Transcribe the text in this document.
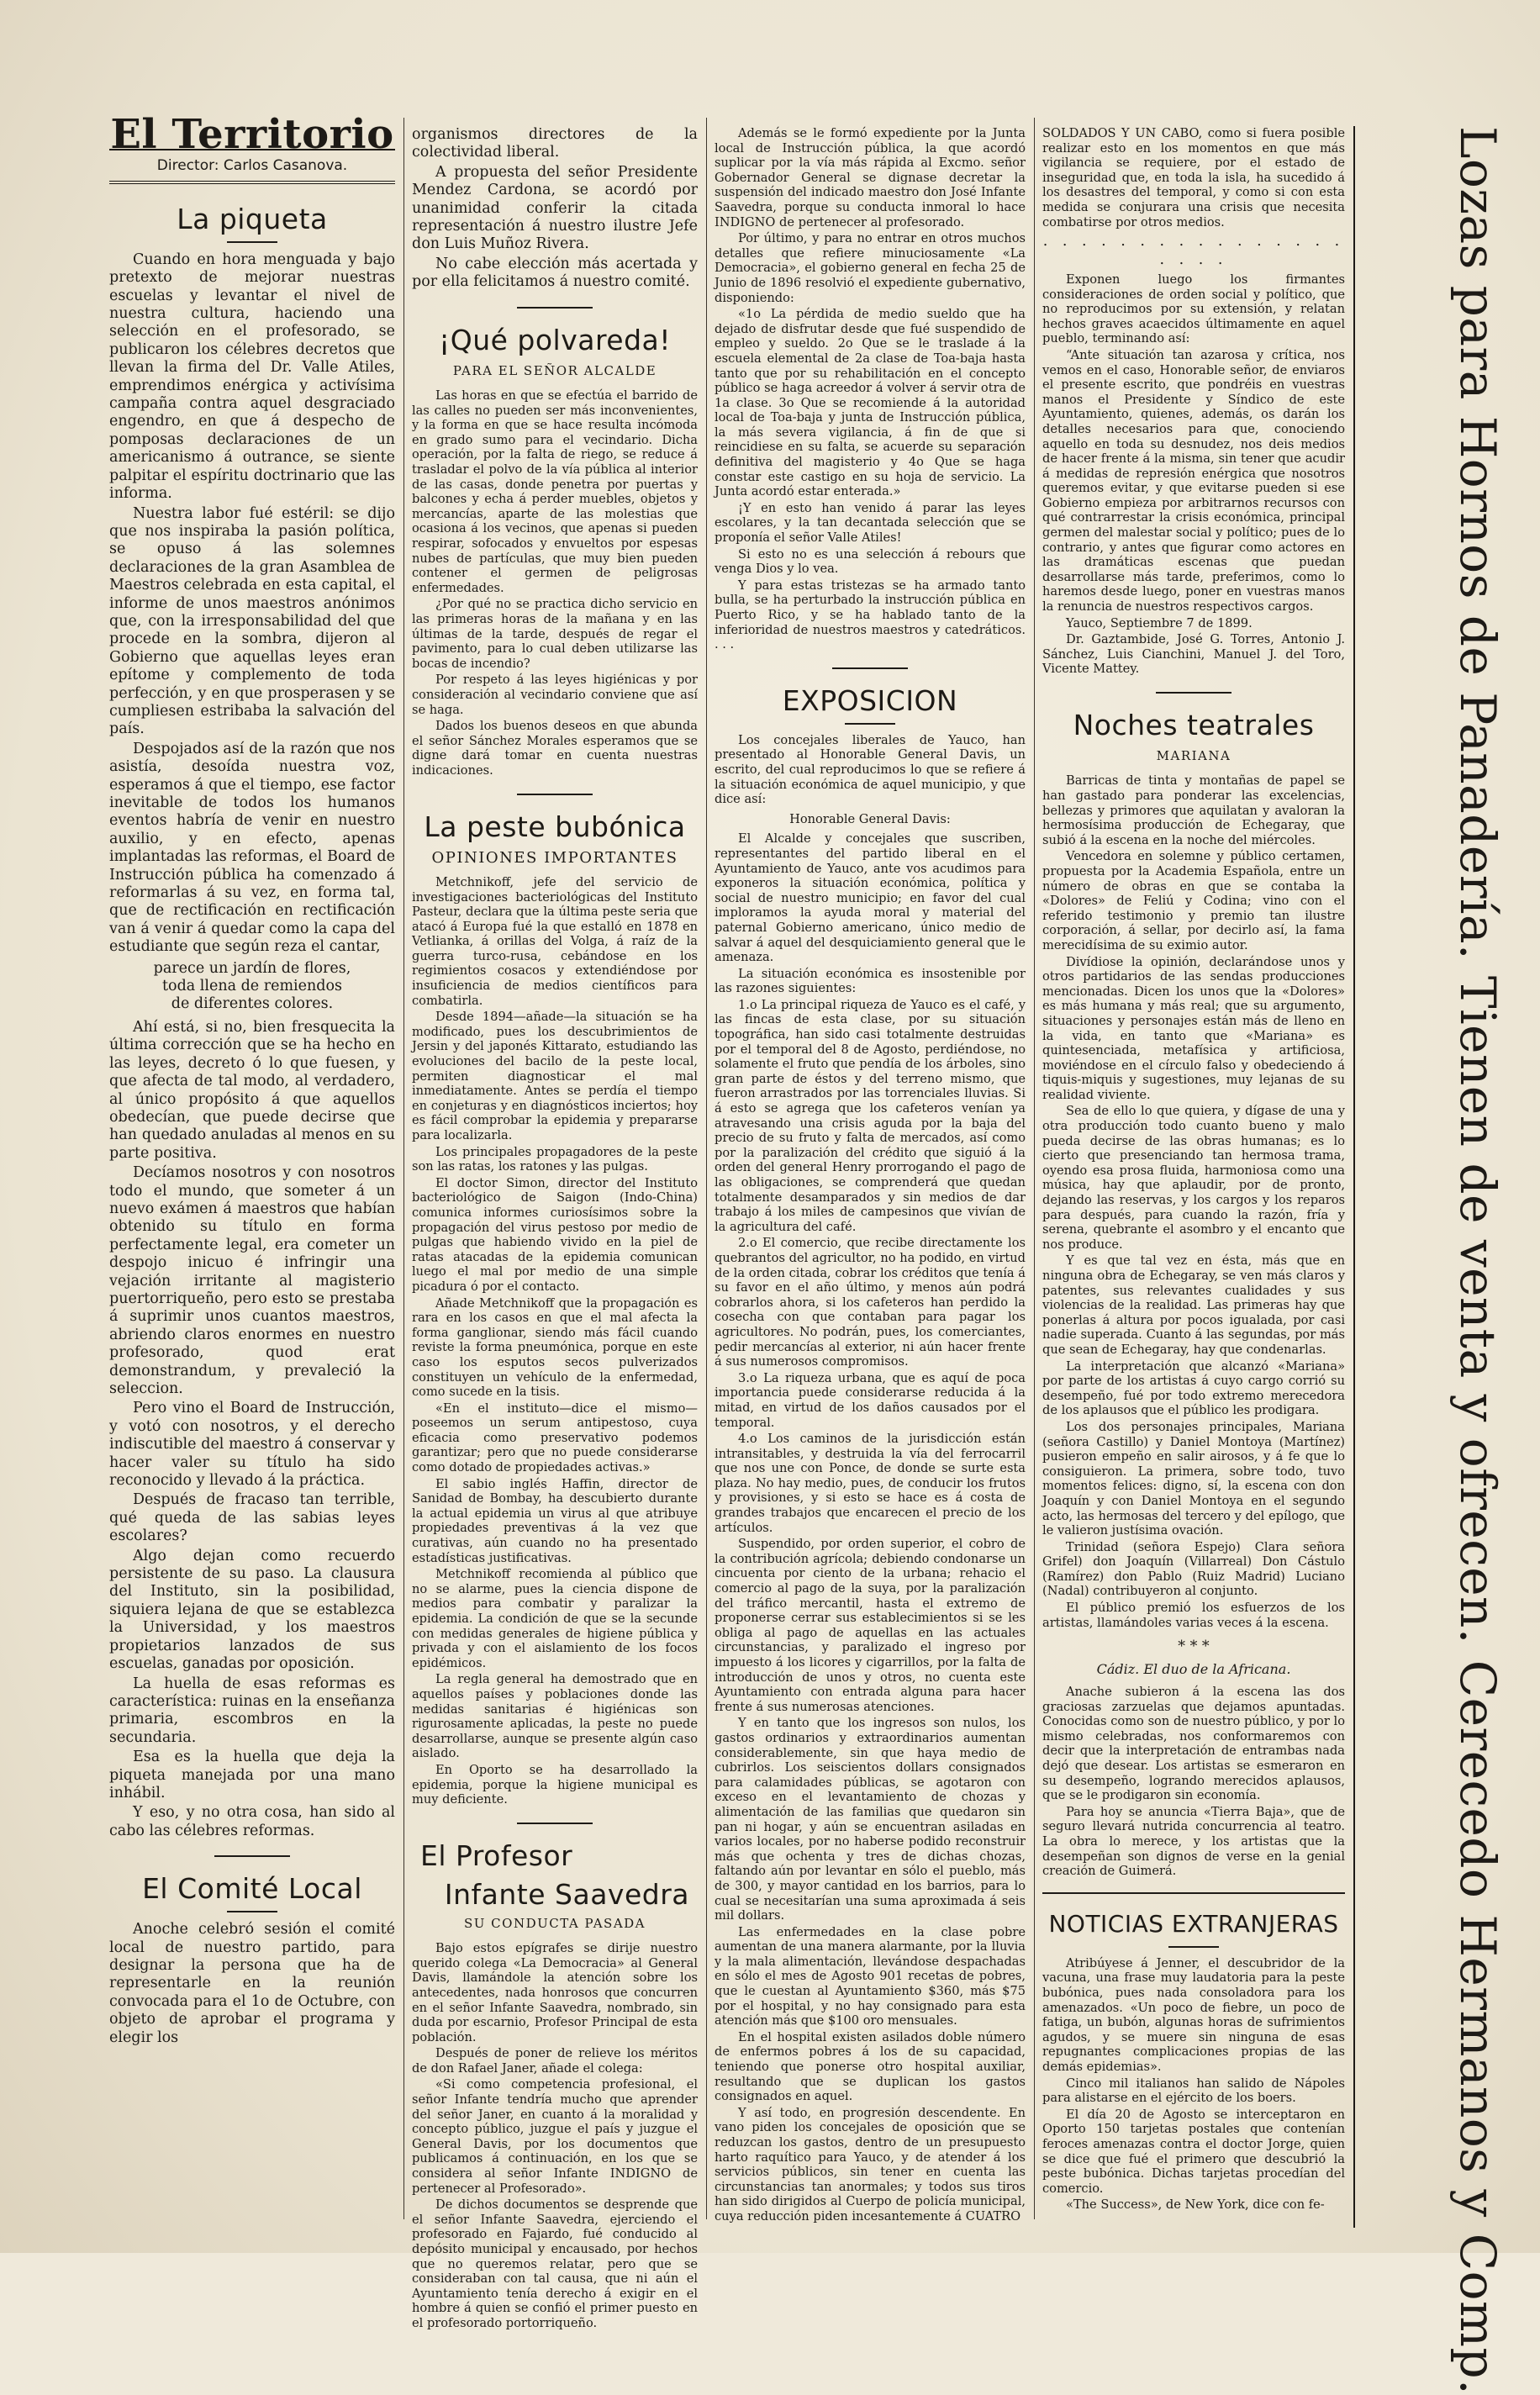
El Territorio
Director: Carlos Casanova.
La piqueta

Cuando en hora menguada y bajo pretexto de mejorar nuestras escuelas y levantar el nivel de nuestra cultura, haciendo una selección en el profesorado, se publicaron los célebres decretos que llevan la firma del Dr. Valle Atiles, emprendimos enérgica y activísima campaña contra aquel desgraciado engendro, en que á despecho de pomposas declaraciones de un americanismo á outrance, se siente palpitar el espíritu doctrinario que las informa.

Nuestra labor fué estéril: se dijo que nos inspiraba la pasión política, se opuso á las solemnes declaraciones de la gran Asamblea de Maestros celebrada en esta capital, el informe de unos maestros anónimos que, con la irresponsabilidad del que procede en la sombra, dijeron al Gobierno que aquellas leyes eran epítome y complemento de toda perfección, y en que prosperasen y se cumpliesen estribaba la salvación del país.

Despojados así de la razón que nos asistía, desoída nuestra voz, esperamos á que el tiempo, ese factor inevitable de todos los humanos eventos habría de venir en nuestro auxilio, y en efecto, apenas implantadas las reformas, el Board de Instrucción pública ha comenzado á reformarlas á su vez, en forma tal, que de rectificación en rectificación van á venir á quedar como la capa del estudiante que según reza el cantar,

parece un jardín de flores,
toda llena de remiendos
de diferentes colores.

Ahí está, si no, bien fresquecita la última corrección que se ha hecho en las leyes, decreto ó lo que fuesen, y que afecta de tal modo, al verdadero, al único propósito á que aquellos obedecían, que puede decirse que han quedado anuladas al menos en su parte positiva.

Decíamos nosotros y con nosotros todo el mundo, que someter á un nuevo exámen á maestros que habían obtenido su título en forma perfectamente legal, era cometer un despojo inicuo é infringir una vejación irritante al magisterio puertorriqueño, pero esto se prestaba á suprimir unos cuantos maestros, abriendo claros enormes en nuestro profesorado, quod erat demonstrandum, y prevaleció la seleccion.

Pero vino el Board de Instrucción, y votó con nosotros, y el derecho indiscutible del maestro á conservar y hacer valer su título ha sido reconocido y llevado á la práctica.

Después de fracaso tan terrible, qué queda de las sabias leyes escolares?

Algo dejan como recuerdo persistente de su paso. La clausura del Instituto, sin la posibilidad, siquiera lejana de que se establezca la Universidad, y los maestros propietarios lanzados de sus escuelas, ganadas por oposición.

La huella de esas reformas es característica: ruinas en la enseñanza primaria, escombros en la secundaria.

Esa es la huella que deja la piqueta manejada por una mano inhábil.

Y eso, y no otra cosa, han sido al cabo las célebres reformas.

El Comité Local

Anoche celebró sesión el comité local de nuestro partido, para designar la persona que ha de representarle en la reunión convocada para el 1o de Octubre, con objeto de aprobar el programa y elegir los

organismos directores de la colectividad liberal.

A propuesta del señor Presidente Mendez Cardona, se acordó por unanimidad conferir la citada representación á nuestro ilustre Jefe don Luis Muñoz Rivera.

No cabe elección más acertada y por ella felicitamos á nuestro comité.

¡Qué polvareda!
PARA EL SEÑOR ALCALDE

Las horas en que se efectúa el barrido de las calles no pueden ser más inconvenientes, y la forma en que se hace resulta incómoda en grado sumo para el vecindario. Dicha operación, por la falta de riego, se reduce á trasladar el polvo de la vía pública al interior de las casas, donde penetra por puertas y balcones y echa á perder muebles, objetos y mercancías, aparte de las molestias que ocasiona á los vecinos, que apenas si pueden respirar, sofocados y envueltos por espesas nubes de partículas, que muy bien pueden contener el germen de peligrosas enfermedades.

¿Por qué no se practica dicho servicio en las primeras horas de la mañana y en las últimas de la tarde, después de regar el pavimento, para lo cual deben utilizarse las bocas de incendio?

Por respeto á las leyes higiénicas y por consideración al vecindario conviene que así se haga.

Dados los buenos deseos en que abunda el señor Sánchez Morales esperamos que se digne dará tomar en cuenta nuestras indicaciones.

La peste bubónica
OPINIONES IMPORTANTES

Metchnikoff, jefe del servicio de investigaciones bacteriológicas del Instituto Pasteur, declara que la última peste seria que atacó á Europa fué la que estalló en 1878 en Vetlianka, á orillas del Volga, á raíz de la guerra turco-rusa, cebándose en los regimientos cosacos y extendiéndose por insuficiencia de medios científicos para combatirla.

Desde 1894—añade—la situación se ha modificado, pues los descubrimientos de Jersin y del japonés Kittarato, estudiando las evoluciones del bacilo de la peste local, permiten diagnosticar el mal inmediatamente. Antes se perdía el tiempo en conjeturas y en diagnósticos inciertos; hoy es fácil comprobar la epidemia y prepararse para localizarla.

Los principales propagadores de la peste son las ratas, los ratones y las pulgas.

El doctor Simon, director del Instituto bacteriológico de Saigon (Indo-China) comunica informes curiosísimos sobre la propagación del virus pestoso por medio de pulgas que habiendo vivido en la piel de ratas atacadas de la epidemia comunican luego el mal por medio de una simple picadura ó por el contacto.

Añade Metchnikoff que la propagación es rara en los casos en que el mal afecta la forma ganglionar, siendo más fácil cuando reviste la forma pneumónica, porque en este caso los esputos secos pulverizados constituyen un vehículo de la enfermedad, como sucede en la tisis.

«En el instituto—dice el mismo—poseemos un serum antipestoso, cuya eficacia como preservativo podemos garantizar; pero que no puede considerarse como dotado de propiedades activas.»

El sabio inglés Haffin, director de Sanidad de Bombay, ha descubierto durante la actual epidemia un virus al que atribuye propiedades preventivas á la vez que curativas, aún cuando no ha presentado estadísticas justificativas.

Metchnikoff recomienda al público que no se alarme, pues la ciencia dispone de medios para combatir y paralizar la epidemia. La condición de que se la secunde con medidas generales de higiene pública y privada y con el aislamiento de los focos epidémicos.

La regla general ha demostrado que en aquellos países y poblaciones donde las medidas sanitarias é higiénicas son rigurosamente aplicadas, la peste no puede desarrollarse, aunque se presente algún caso aislado.

En Oporto se ha desarrollado la epidemia, porque la higiene municipal es muy deficiente.

El Profesor
Infante Saavedra
SU CONDUCTA PASADA

Bajo estos epígrafes se dirije nuestro querido colega «La Democracia» al General Davis, llamándole la atención sobre los antecedentes, nada honrosos que concurren en el señor Infante Saavedra, nombrado, sin duda por escarnio, Profesor Principal de esta población.

Después de poner de relieve los méritos de don Rafael Janer, añade el colega:

«Si como competencia profesional, el señor Infante tendría mucho que aprender del señor Janer, en cuanto á la moralidad y concepto público, juzgue el país y juzgue el General Davis, por los documentos que publicamos á continuación, en los que se considera al señor Infante INDIGNO de pertenecer al Profesorado».

De dichos documentos se desprende que el señor Infante Saavedra, ejerciendo el profesorado en Fajardo, fué conducido al depósito municipal y encausado, por hechos que no queremos relatar, pero que se consideraban con tal causa, que ni aún el Ayuntamiento tenía derecho á exigir en el hombre á quien se confió el primer puesto en el profesorado portorriqueño.

Además se le formó expediente por la Junta local de Instrucción pública, la que acordó suplicar por la vía más rápida al Excmo. señor Gobernador General se dignase decretar la suspensión del indicado maestro don José Infante Saavedra, porque su conducta inmoral lo hace INDIGNO de pertenecer al profesorado.

Por último, y para no entrar en otros muchos detalles que refiere minuciosamente «La Democracia», el gobierno general en fecha 25 de Junio de 1896 resolvió el expediente gubernativo, disponiendo:

«1o La pérdida de medio sueldo que ha dejado de disfrutar desde que fué suspendido de empleo y sueldo. 2o Que se le traslade á la escuela elemental de 2a clase de Toa-baja hasta tanto que por su rehabilitación en el concepto público se haga acreedor á volver á servir otra de 1a clase. 3o Que se recomiende á la autoridad local de Toa-baja y junta de Instrucción pública, la más severa vigilancia, á fin de que si reincidiese en su falta, se acuerde su separación definitiva del magisterio y 4o Que se haga constar este castigo en su hoja de servicio. La Junta acordó estar enterada.»

¡Y en esto han venido á parar las leyes escolares, y la tan decantada selección que se proponía el señor Valle Atiles!

Si esto no es una selección á rebours que venga Dios y lo vea.

Y para estas tristezas se ha armado tanto bulla, se ha perturbado la instrucción pública en Puerto Rico, y se ha hablado tanto de la inferioridad de nuestros maestros y catedráticos. . . .

EXPOSICION

Los concejales liberales de Yauco, han presentado al Honorable General Davis, un escrito, del cual reproducimos lo que se refiere á la situación económica de aquel municipio, y que dice así:

Honorable General Davis:

El Alcalde y concejales que suscriben, representantes del partido liberal en el Ayuntamiento de Yauco, ante vos acudimos para exponeros la situación económica, política y social de nuestro municipio; en favor del cual imploramos la ayuda moral y material del paternal Gobierno americano, único medio de salvar á aquel del desquiciamiento general que le amenaza.

La situación económica es insostenible por las razones siguientes:

1.o La principal riqueza de Yauco es el café, y las fincas de esta clase, por su situación topográfica, han sido casi totalmente destruidas por el temporal del 8 de Agosto, perdiéndose, no solamente el fruto que pendía de los árboles, sino gran parte de éstos y del terreno mismo, que fueron arrastrados por las torrenciales lluvias. Si á esto se agrega que los cafeteros venían ya atravesando una crisis aguda por la baja del precio de su fruto y falta de mercados, así como por la paralización del crédito que siguió á la orden del general Henry prorrogando el pago de las obligaciones, se comprenderá que quedan totalmente desamparados y sin medios de dar trabajo á los miles de campesinos que vivían de la agricultura del café.

2.o El comercio, que recibe directamente los quebrantos del agricultor, no ha podido, en virtud de la orden citada, cobrar los créditos que tenía á su favor en el año último, y menos aún podrá cobrarlos ahora, si los cafeteros han perdido la cosecha con que contaban para pagar los agricultores. No podrán, pues, los comerciantes, pedir mercancías al exterior, ni aún hacer frente á sus numerosos compromisos.

3.o La riqueza urbana, que es aquí de poca importancia puede considerarse reducida á la mitad, en virtud de los daños causados por el temporal.

4.o Los caminos de la jurisdicción están intransitables, y destruida la vía del ferrocarril que nos une con Ponce, de donde se surte esta plaza. No hay medio, pues, de conducir los frutos y provisiones, y si esto se hace es á costa de grandes trabajos que encarecen el precio de los artículos.

Suspendido, por orden superior, el cobro de la contribución agrícola; debiendo condonarse un cincuenta por ciento de la urbana; rehacio el comercio al pago de la suya, por la paralización del tráfico mercantil, hasta el extremo de proponerse cerrar sus establecimientos si se les obliga al pago de aquellas en las actuales circunstancias, y paralizado el ingreso por impuesto á los licores y cigarrillos, por la falta de introducción de unos y otros, no cuenta este Ayuntamiento con entrada alguna para hacer frente á sus numerosas atenciones.

Y en tanto que los ingresos son nulos, los gastos ordinarios y extraordinarios aumentan considerablemente, sin que haya medio de cubrirlos. Los seiscientos dollars consignados para calamidades públicas, se agotaron con exceso en el levantamiento de chozas y alimentación de las familias que quedaron sin pan ni hogar, y aún se encuentran asiladas en varios locales, por no haberse podido reconstruir más que ochenta y tres de dichas chozas, faltando aún por levantar en sólo el pueblo, más de 300, y mayor cantidad en los barrios, para lo cual se necesitarían una suma aproximada á seis mil dollars.

Las enfermedades en la clase pobre aumentan de una manera alarmante, por la lluvia y la mala alimentación, llevándose despachadas en sólo el mes de Agosto 901 recetas de pobres, que le cuestan al Ayuntamiento $360, más $75 por el hospital, y no hay consignado para esta atención más que $100 oro mensuales.

En el hospital existen asilados doble número de enfermos pobres á los de su capacidad, teniendo que ponerse otro hospital auxiliar, resultando que se duplican los gastos consignados en aquel.

Y así todo, en progresión descendente. En vano piden los concejales de oposición que se reduzcan los gastos, dentro de un presupuesto harto raquítico para Yauco, y de atender á los servicios públicos, sin tener en cuenta las circunstancias tan anormales; y todos sus tiros han sido dirigidos al Cuerpo de policía municipal, cuya reducción piden incesantemente á CUATRO

SOLDADOS Y UN CABO, como si fuera posible realizar esto en los momentos en que más vigilancia se requiere, por el estado de inseguridad que, en toda la isla, ha sucedido á los desastres del temporal, y como si con esta medida se conjurara una crisis que necesita combatirse por otros medios.

. . . . . . . . . . . . . . . . . . . .

Exponen luego los firmantes consideraciones de orden social y político, que no reproducimos por su extensión, y relatan hechos graves acaecidos últimamente en aquel pueblo, terminando así:

“Ante situación tan azarosa y crítica, nos vemos en el caso, Honorable señor, de enviaros el presente escrito, que pondréis en vuestras manos el Presidente y Síndico de este Ayuntamiento, quienes, además, os darán los detalles necesarios para que, conociendo aquello en toda su desnudez, nos deis medios de hacer frente á la misma, sin tener que acudir á medidas de represión enérgica que nosotros queremos evitar, y que evitarse pueden si ese Gobierno empieza por arbitrarnos recursos con qué contrarrestar la crisis económica, principal germen del malestar social y político; pues de lo contrario, y antes que figurar como actores en las dramáticas escenas que puedan desarrollarse más tarde, preferimos, como lo haremos desde luego, poner en vuestras manos la renuncia de nuestros respectivos cargos.

Yauco, Septiembre 7 de 1899.

Dr. Gaztambide, José G. Torres, Antonio J. Sánchez, Luis Cianchini, Manuel J. del Toro, Vicente Mattey.

Noches teatrales
MARIANA

Barricas de tinta y montañas de papel se han gastado para ponderar las excelencias, bellezas y primores que aquilatan y avaloran la hermosísima producción de Echegaray, que subió á la escena en la noche del miércoles.

Vencedora en solemne y público certamen, propuesta por la Academia Española, entre un número de obras en que se contaba la «Dolores» de Feliú y Codina; vino con el referido testimonio y premio tan ilustre corporación, á sellar, por decirlo así, la fama merecidísima de su eximio autor.

Divídiose la opinión, declarándose unos y otros partidarios de las sendas producciones mencionadas. Dicen los unos que la «Dolores» es más humana y más real; que su argumento, situaciones y personajes están más de lleno en la vida, en tanto que «Mariana» es quintesenciada, metafísica y artificiosa, moviéndose en el círculo falso y obedeciendo á tiquis-miquis y sugestiones, muy lejanas de su realidad viviente.

Sea de ello lo que quiera, y dígase de una y otra producción todo cuanto bueno y malo pueda decirse de las obras humanas; es lo cierto que presenciando tan hermosa trama, oyendo esa prosa fluida, harmoniosa como una música, hay que aplaudir, por de pronto, dejando las reservas, y los cargos y los reparos para después, para cuando la razón, fría y serena, quebrante el asombro y el encanto que nos produce.

Y es que tal vez en ésta, más que en ninguna obra de Echegaray, se ven más claros y patentes, sus relevantes cualidades y sus violencias de la realidad. Las primeras hay que ponerlas á altura por pocos igualada, por casi nadie superada. Cuanto á las segundas, por más que sean de Echegaray, hay que condenarlas.

La interpretación que alcanzó «Mariana» por parte de los artistas á cuyo cargo corrió su desempeño, fué por todo extremo merecedora de los aplausos que el público les prodigara.

Los dos personajes principales, Mariana (señora Castillo) y Daniel Montoya (Martínez) pusieron empeño en salir airosos, y á fe que lo consiguieron. La primera, sobre todo, tuvo momentos felices: digno, sí, la escena con don Joaquín y con Daniel Montoya en el segundo acto, las hermosas del tercero y del epílogo, que le valieron justísima ovación.

Trinidad (señora Espejo) Clara señora Grifel) don Joaquín (Villarreal) Don Cástulo (Ramírez) don Pablo (Ruiz Madrid) Luciano (Nadal) contribuyeron al conjunto.

El público premió los esfuerzos de los artistas, llamándoles varias veces á la escena.

* * *
Cádiz. El duo de la Africana.

Anache subieron á la escena las dos graciosas zarzuelas que dejamos apuntadas. Conocidas como son de nuestro público, y por lo mismo celebradas, nos conformaremos con decir que la interpretación de entrambas nada dejó que desear. Los artistas se esmeraron en su desempeño, logrando merecidos aplausos, que se le prodigaron sin economía.

Para hoy se anuncia «Tierra Baja», que de seguro llevará nutrida concurrencia al teatro. La obra lo merece, y los artistas que la desempeñan son dignos de verse en la genial creación de Guimerá.

NOTICIAS EXTRANJERAS

Atribúyese á Jenner, el descubridor de la vacuna, una frase muy laudatoria para la peste bubónica, pues nada consoladora para los amenazados. «Un poco de fiebre, un poco de fatiga, un bubón, algunas horas de sufrimientos agudos, y se muere sin ninguna de esas repugnantes complicaciones propias de las demás epidemias».

Cinco mil italianos han salido de Nápoles para alistarse en el ejército de los boers.

El día 20 de Agosto se interceptaron en Oporto 150 tarjetas postales que contenían feroces amenazas contra el doctor Jorge, quien se dice que fué el primero que descubrió la peste bubónica. Dichas tarjetas procedían del comercio.

«The Success», de New York, dice con fe-	Lozas para Hornos de Panadería. Tienen de venta y ofrecen. Cerecedo Hermanos y Comp.
